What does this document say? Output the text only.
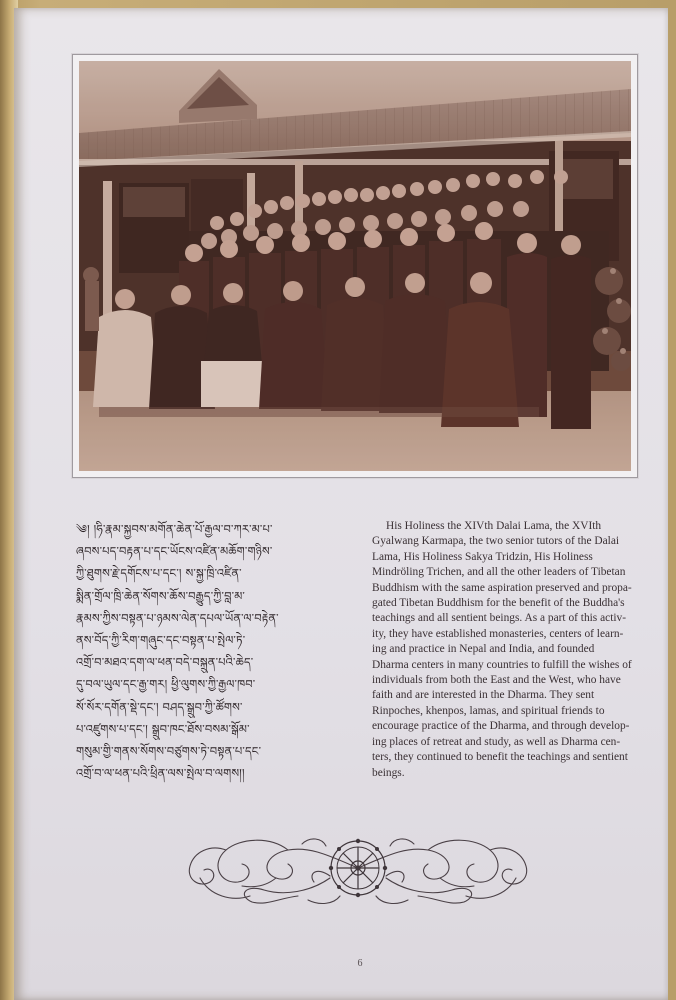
༄། །ཧི་རྣམ་སྐྱབས་མགོན་ཆེན་པོ་རྒྱལ་བ་ཀར་མ་པ་
ཞབས་པད་བརྟན་པ་དང་ཡོངས་འཛིན་མཆོག་གཉིས་
ཀྱི་ཐུགས་རྗེ་དགོངས་པ་དང་། ས་སྐྱ་ཁྲི་འཛིན་
སྨིན་གྲོལ་ཁྲི་ཆེན་སོགས་ཆོས་བརྒྱུད་ཀྱི་བླ་མ་
རྣམས་ཀྱིས་བསྟན་པ་ཉམས་ལེན་དཔལ་ཡོན་ལ་བརྟེན་
ནས་བོད་ཀྱི་རིག་གཞུང་དང་བསྟན་པ་སྤེལ་ཏེ་
འགྲོ་བ་མཐའ་དག་ལ་ཕན་བདེ་བསྐྲུན་པའི་ཆེད་
དུ་བལ་ཡུལ་དང་རྒྱ་གར། ཕྱི་ལུགས་ཀྱི་རྒྱལ་ཁབ་
སོ་སོར་དགོན་སྡེ་དང་། བཤད་སྒྲུབ་ཀྱི་ཚོགས་
པ་འཛུགས་པ་དང་། སྒྲུབ་ཁང་ཐོས་བསམ་སྒོམ་
གསུམ་གྱི་གནས་སོགས་བཙུགས་ཏེ་བསྟན་པ་དང་
འགྲོ་བ་ལ་ཕན་པའི་ཕྲིན་ལས་སྤེལ་བ་ལགས།།
His Holiness the XIVth Dalai Lama, the XVIth
Gyalwang Karmapa, the two senior tutors of the Dalai
Lama, His Holiness Sakya Tridzin, His Holiness
Mindröling Trichen, and all the other leaders of Tibetan
Buddhism with the same aspiration preserved and propa-
gated Tibetan Buddhism for the benefit of the Buddha's
teachings and all sentient beings. As a part of this activ-
ity, they have established monasteries, centers of learn-
ing and practice in Nepal and India, and founded
Dharma centers in many countries to fulfill the wishes of
individuals from both the East and the West, who have
faith and are interested in the Dharma. They sent
Rinpoches, khenpos, lamas, and spiritual friends to
encourage practice of the Dharma, and through develop-
ing places of retreat and study, as well as Dharma cen-
ters, they continued to benefit the teachings and sentient
beings.
6
